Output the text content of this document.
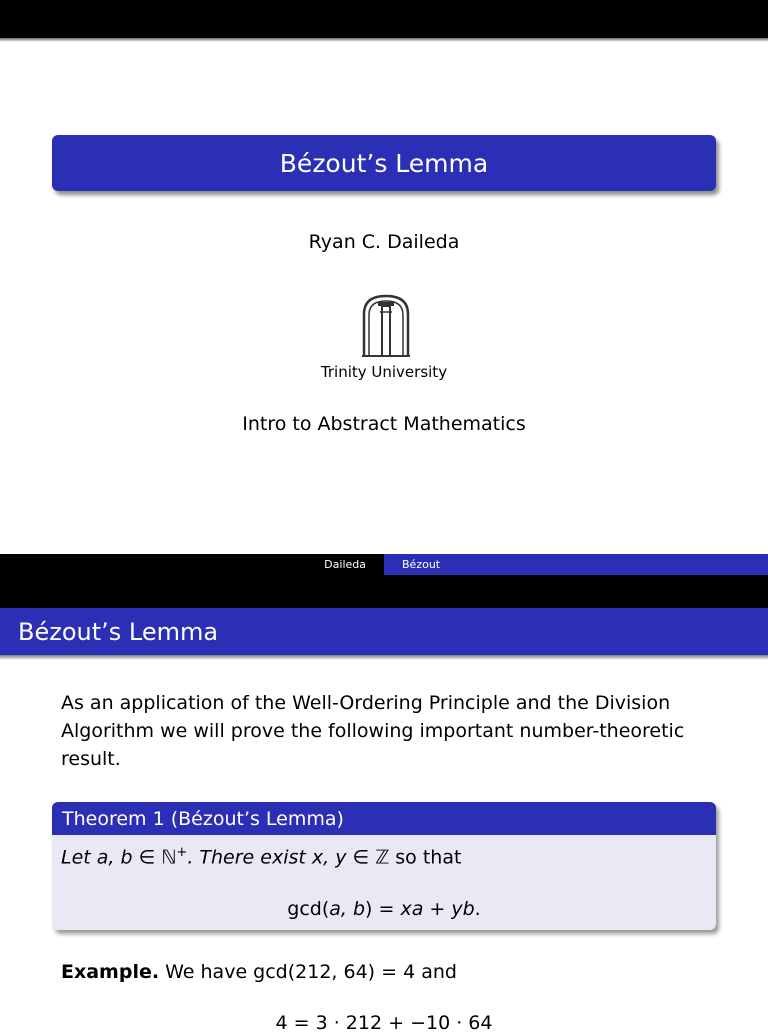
Bézout’s Lemma
Ryan C. Daileda
Trinity University
Intro to Abstract Mathematics
Daileda	Bézout
Bézout’s Lemma
As an application of the Well-Ordering Principle and the Division Algorithm we will prove the following important number-theoretic result.
Theorem 1 (Bézout’s Lemma)
Let a, b ∈ ℕ+. There exist x, y ∈ ℤ so that
gcd(a, b) = xa + yb.
Example. We have gcd(212, 64) = 4 and
4 = 3 · 212 + −10 · 64
